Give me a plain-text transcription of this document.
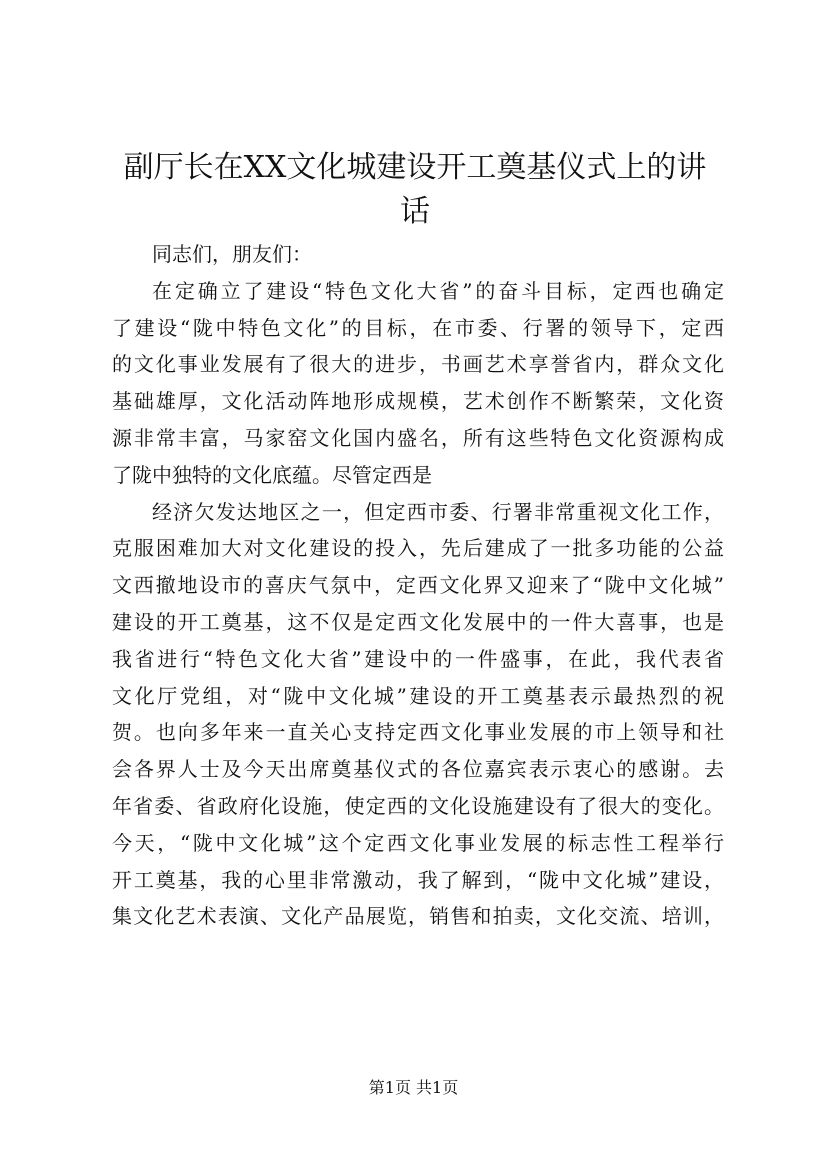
副厅长在XX文化城建设开工奠基仪式上的讲
话
同志们，朋友们：
在定确立了建设“特色文化大省”的奋斗目标，定西也确定
了建设“陇中特色文化”的目标，在市委、行署的领导下，定西
的文化事业发展有了很大的进步，书画艺术享誉省内，群众文化
基础雄厚，文化活动阵地形成规模，艺术创作不断繁荣，文化资
源非常丰富，马家窑文化国内盛名，所有这些特色文化资源构成
了陇中独特的文化底蕴。尽管定西是
经济欠发达地区之一，但定西市委、行署非常重视文化工作，
克服困难加大对文化建设的投入，先后建成了一批多功能的公益
文西撤地设市的喜庆气氛中，定西文化界又迎来了“陇中文化城”
建设的开工奠基，这不仅是定西文化发展中的一件大喜事，也是
我省进行“特色文化大省”建设中的一件盛事，在此，我代表省
文化厅党组，对“陇中文化城”建设的开工奠基表示最热烈的祝
贺。也向多年来一直关心支持定西文化事业发展的市上领导和社
会各界人士及今天出席奠基仪式的各位嘉宾表示衷心的感谢。去
年省委、省政府化设施，使定西的文化设施建设有了很大的变化。
今天，“陇中文化城”这个定西文化事业发展的标志性工程举行
开工奠基，我的心里非常激动，我了解到，“陇中文化城”建设，
集文化艺术表演、文化产品展览，销售和拍卖，文化交流、培训，
第1页 共1页
